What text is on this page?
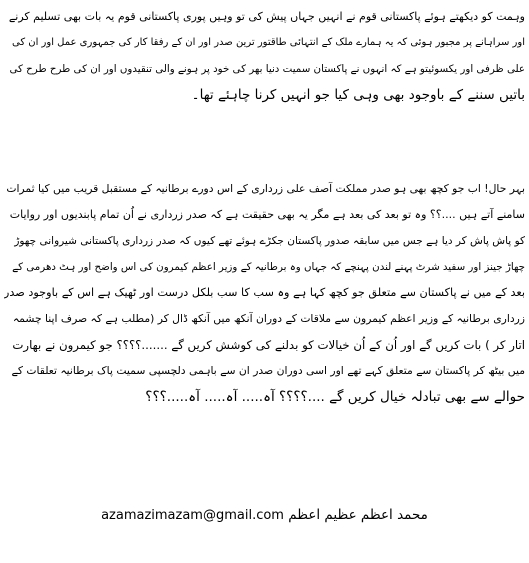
وہمت کو دیکھتے ہوئے پاکستانی قوم نے انہیں جہاں پیش کی تو وہیں پوری پاکستانی قوم یہ بات بھی تسلیم کرنے
اور سراہانے پر مجبور ہوئی کہ یہ ہمارے ملک کے انتہائی طاقتور ترین صدر اور ان کے رفقا کار کی جمہوری عمل اور ان کی
علی ظرفی اور یکسوئیتو ہے کہ انہوں نے پاکستان سمیت دنیا بھر کی خود پر ہونے والی تنقیدوں اور ان کی طرح طرح کی
باتیں سننے کے باوجود بھی وہی کیا جو انہیں کرنا چاہئے تھا۔
بہر حال! اب جو کچھ بھی ہو صدر مملکت آصف علی زرداری کے اس دورے برطانیہ کے مستقبل قریب میں کیا ثمرات
سامنے آتے ہیں ....؟؟ وہ تو بعد کی بعد ہے مگر یہ بھی حقیقت ہے کہ صدر زرداری نے اُن تمام پابندیوں اور روایات
کو پاش پاش کر دیا ہے جس میں سابقہ صدور پاکستان جکڑے ہوئے تھے کیوں کہ صدر زرداری پاکستانی شیروانی چھوڑ
چھاڑ جینز اور سفید شرٹ پہنے لندن پہنچے کہ جہاں وہ برطانیہ کے وزیر اعظم کیمرون کی اس واضح اور ہٹ دھرمی کے
بعد کے میں نے پاکستان سے متعلق جو کچھ کہا ہے وہ سب کا سب بلکل درست اور ٹھیک ہے اس کے باوجود صدر
زرداری برطانیہ کے وزیر اعظم کیمرون سے ملاقات کے دوران آنکھ میں آنکھ ڈال کر (مطلب ہے کہ صرف اپنا چشمہ
اتار کر ) بات کریں گے اور اُن کے اُن خیالات کو بدلنے کی کوشش کریں گے .......؟؟؟؟ جو کیمرون نے بھارت
میں بیٹھ کر پاکستان سے متعلق کہے تھے اور اسی دوران صدر ان سے باہمی دلچسپی سمیت پاک برطانیہ تعلقات کے
حوالے سے بھی تبادلہ خیال کریں گے ....؟؟؟؟ آہ..... آہ..... آہ.....؟؟؟
azamazimazam@gmail.com محمد اعظم عظیم اعظم
